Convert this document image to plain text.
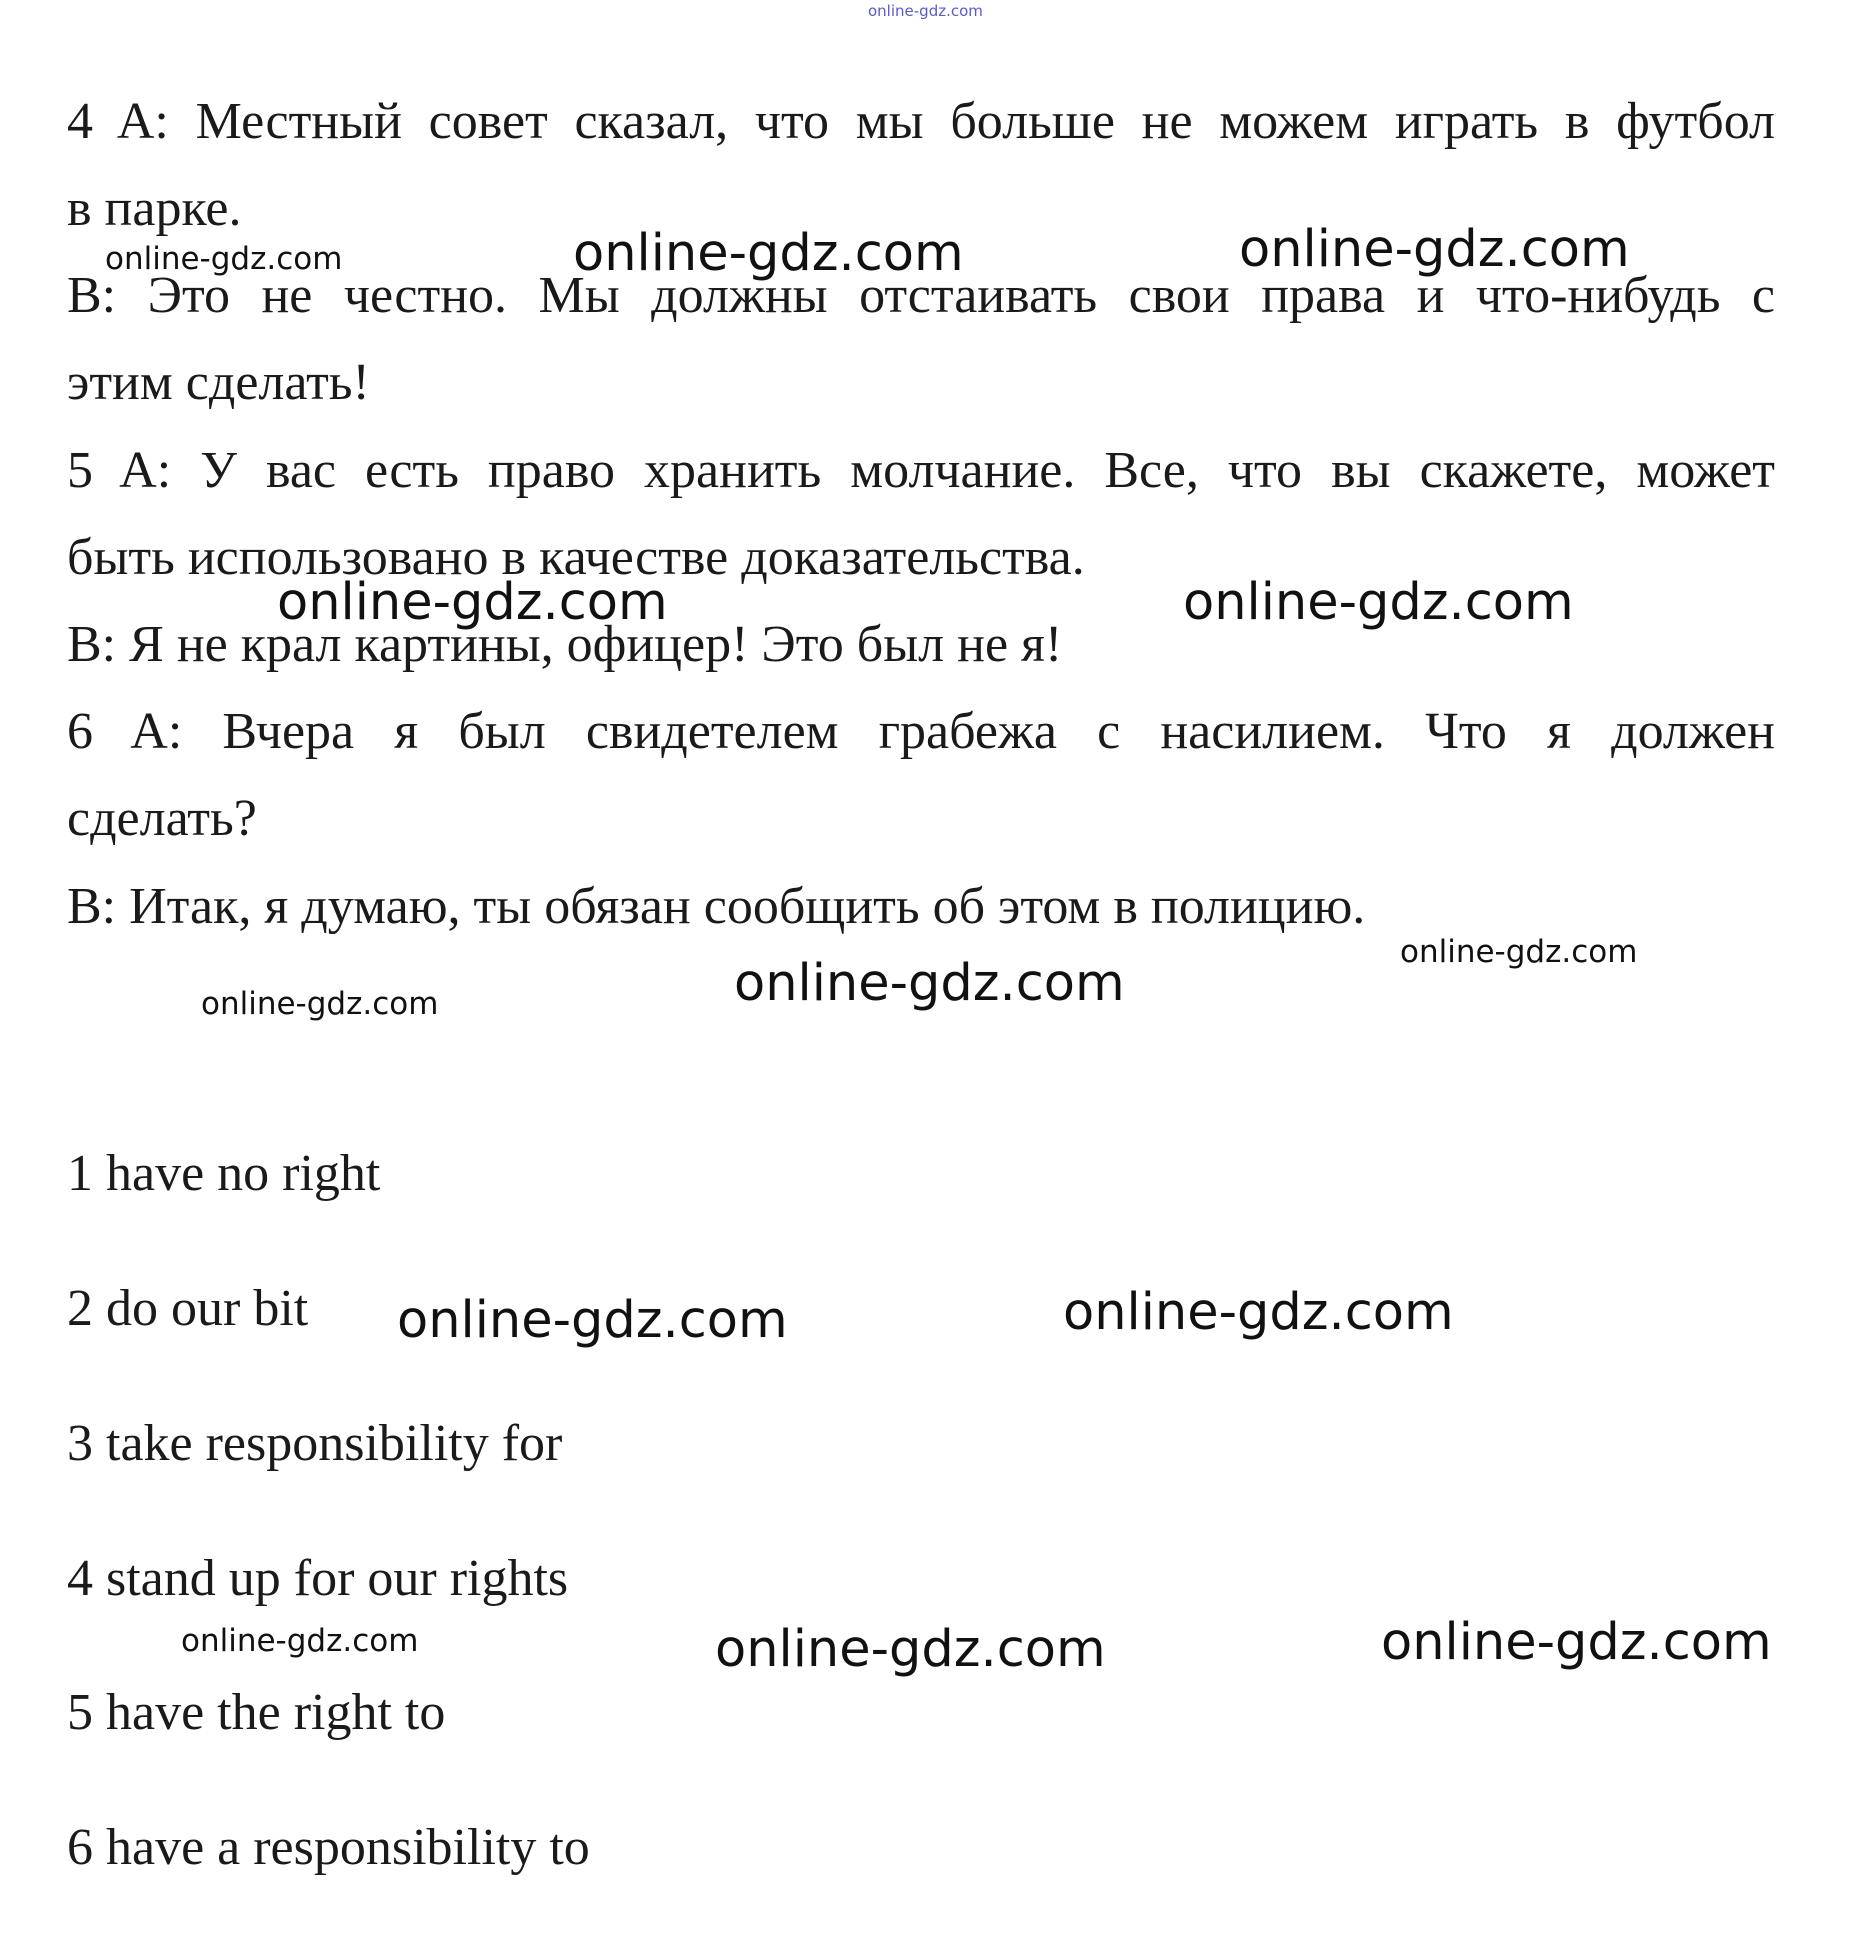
online-gdz.com
4 A: Местный совет сказал, что мы больше не можем играть в футбол
в парке.
B: Это не честно. Мы должны отстаивать свои права и что-нибудь с
этим сделать!
5 A: У вас есть право хранить молчание. Все, что вы скажете, может
быть использовано в качестве доказательства.
B: Я не крал картины, офицер! Это был не я!
6 A: Вчера я был свидетелем грабежа с насилием. Что я должен
сделать?
B: Итак, я думаю, ты обязан сообщить об этом в полицию.
1 have no right
2 do our bit
3 take responsibility for
4 stand up for our rights
5 have the right to
6 have a responsibility to
online-gdz.com	online-gdz.com	online-gdz.com
online-gdz.com	online-gdz.com
online-gdz.com
online-gdz.com
online-gdz.com
online-gdz.com	online-gdz.com
online-gdz.com	online-gdz.com	online-gdz.com
